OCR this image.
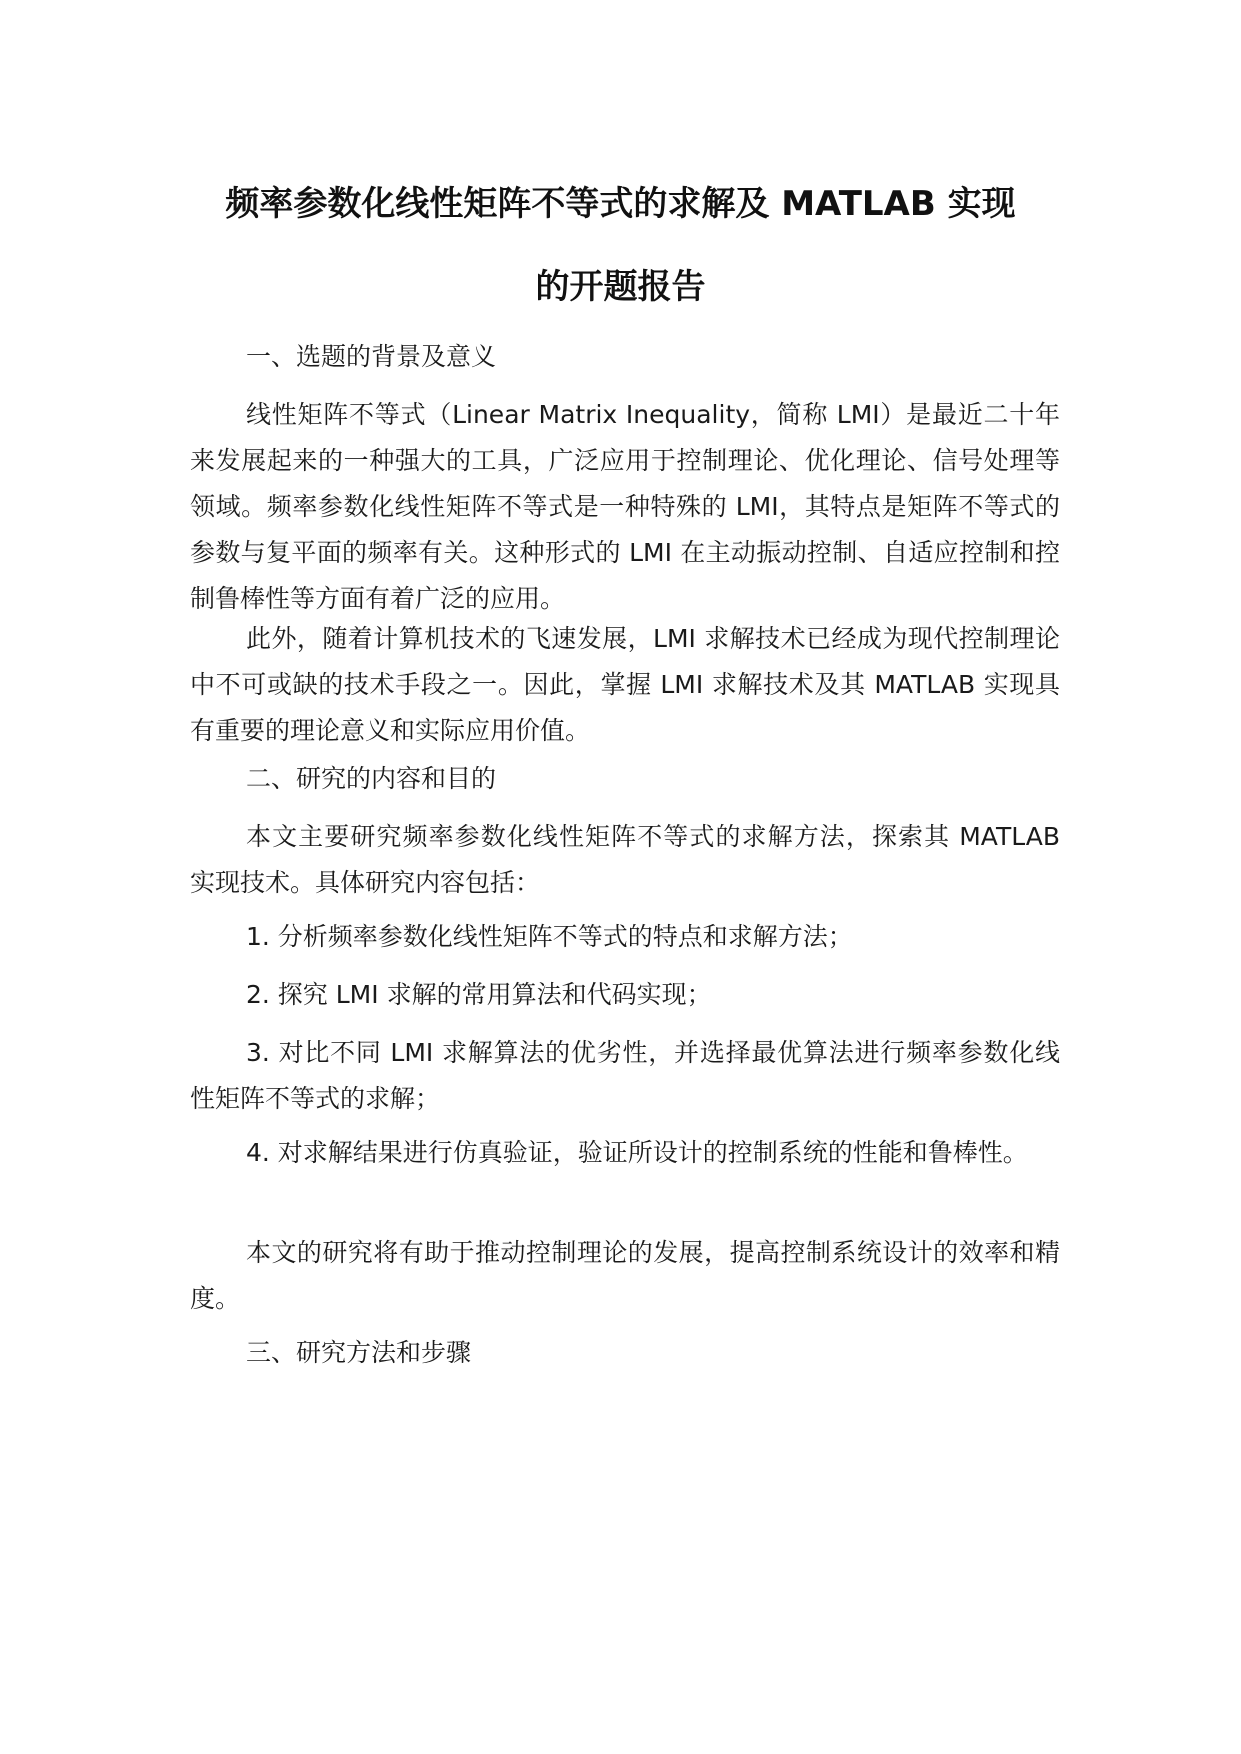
频率参数化线性矩阵不等式的求解及 MATLAB 实现
的开题报告

一、选题的背景及意义

线性矩阵不等式（Linear Matrix Inequality，简称 LMI）是最近二十年来发展起来的一种强大的工具，广泛应用于控制理论、优化理论、信号处理等领域。频率参数化线性矩阵不等式是一种特殊的 LMI，其特点是矩阵不等式的参数与复平面的频率有关。这种形式的 LMI 在主动振动控制、自适应控制和控制鲁棒性等方面有着广泛的应用。

此外，随着计算机技术的飞速发展，LMI 求解技术已经成为现代控制理论中不可或缺的技术手段之一。因此，掌握 LMI 求解技术及其 MATLAB 实现具有重要的理论意义和实际应用价值。

二、研究的内容和目的

本文主要研究频率参数化线性矩阵不等式的求解方法，探索其 MATLAB 实现技术。具体研究内容包括：

1. 分析频率参数化线性矩阵不等式的特点和求解方法；

2. 探究 LMI 求解的常用算法和代码实现；

3. 对比不同 LMI 求解算法的优劣性，并选择最优算法进行频率参数化线性矩阵不等式的求解；

4. 对求解结果进行仿真验证，验证所设计的控制系统的性能和鲁棒性。

本文的研究将有助于推动控制理论的发展，提高控制系统设计的效率和精度。

三、研究方法和步骤
